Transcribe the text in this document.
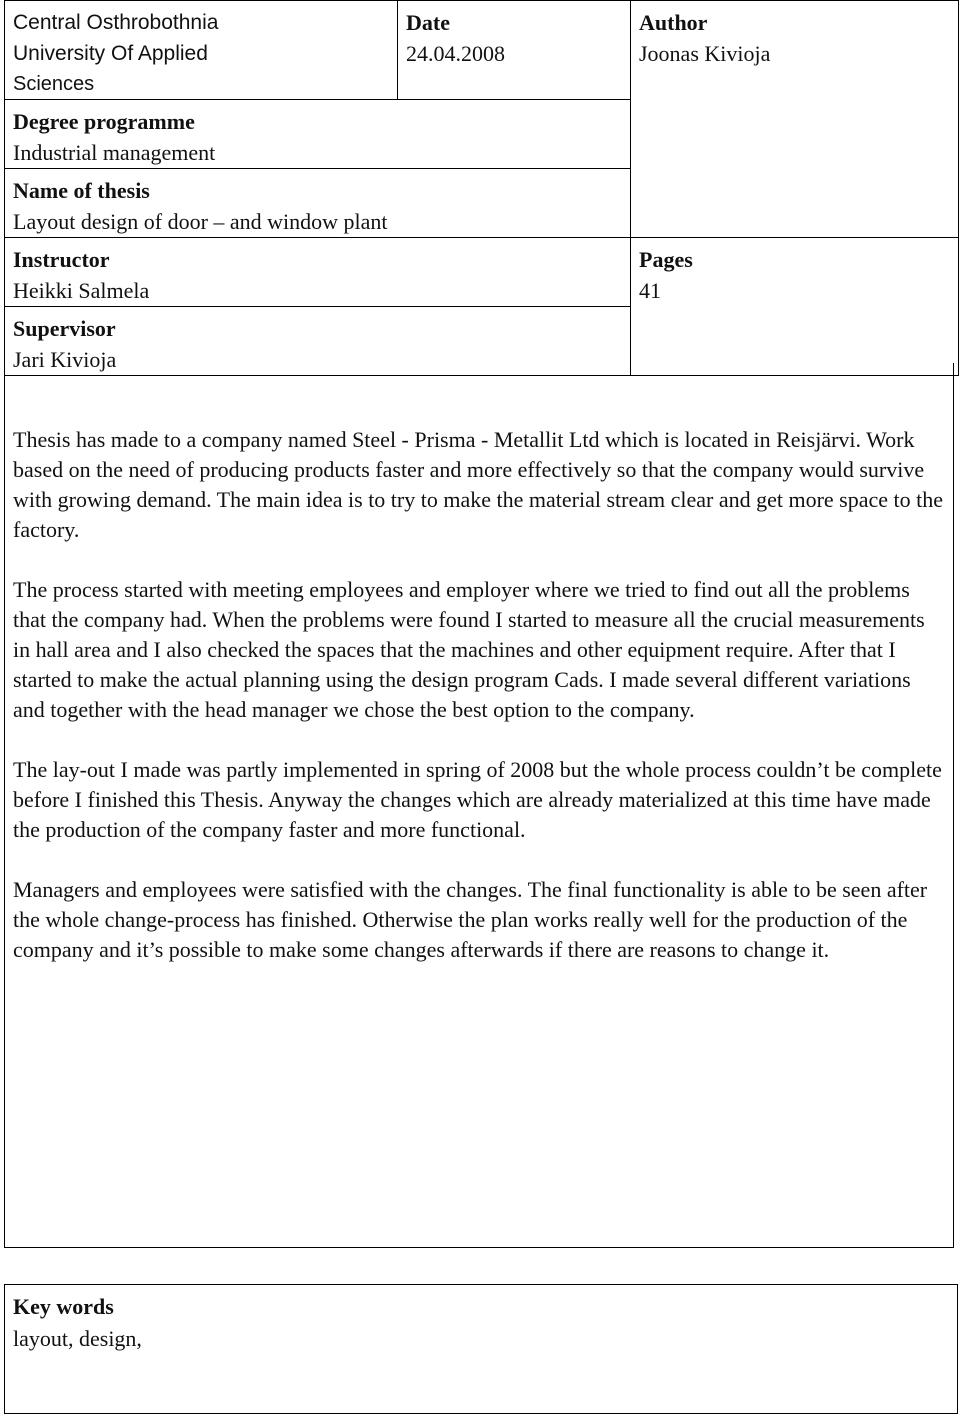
Central Osthrobothnia
University Of Applied
Sciences	Date
24.04.2008	Author
Joonas Kivioja

Degree programme
Industrial management		

Name of thesis
Layout design of door – and window plant		

Instructor
Heikki Salmela		Pages
41

Supervisor
Jari Kivioja		

Thesis has made to a company named Steel - Prisma - Metallit Ltd which is located in Reisjärvi. Work based on the need of producing products faster and more effectively so that the company would survive with growing demand. The main idea is to try to make the material stream clear and get more space to the factory.

The process started with meeting employees and employer where we tried to find out all the problems that the company had. When the problems were found I started to measure all the crucial measurements in hall area and I also checked the spaces that the machines and other equipment require. After that I started to make the actual planning using the design program Cads. I made several different variations and together with the head manager we chose the best option to the company.

The lay-out I made was partly implemented in spring of 2008 but the whole process couldn’t be complete before I finished this Thesis. Anyway the changes which are already materialized at this time have made the production of the company faster and more functional.

Managers and employees were satisfied with the changes. The final functionality is able to be seen after the whole change-process has finished. Otherwise the plan works really well for the production of the company and it’s possible to make some changes afterwards if there are reasons to change it.

Key words
layout, design,
